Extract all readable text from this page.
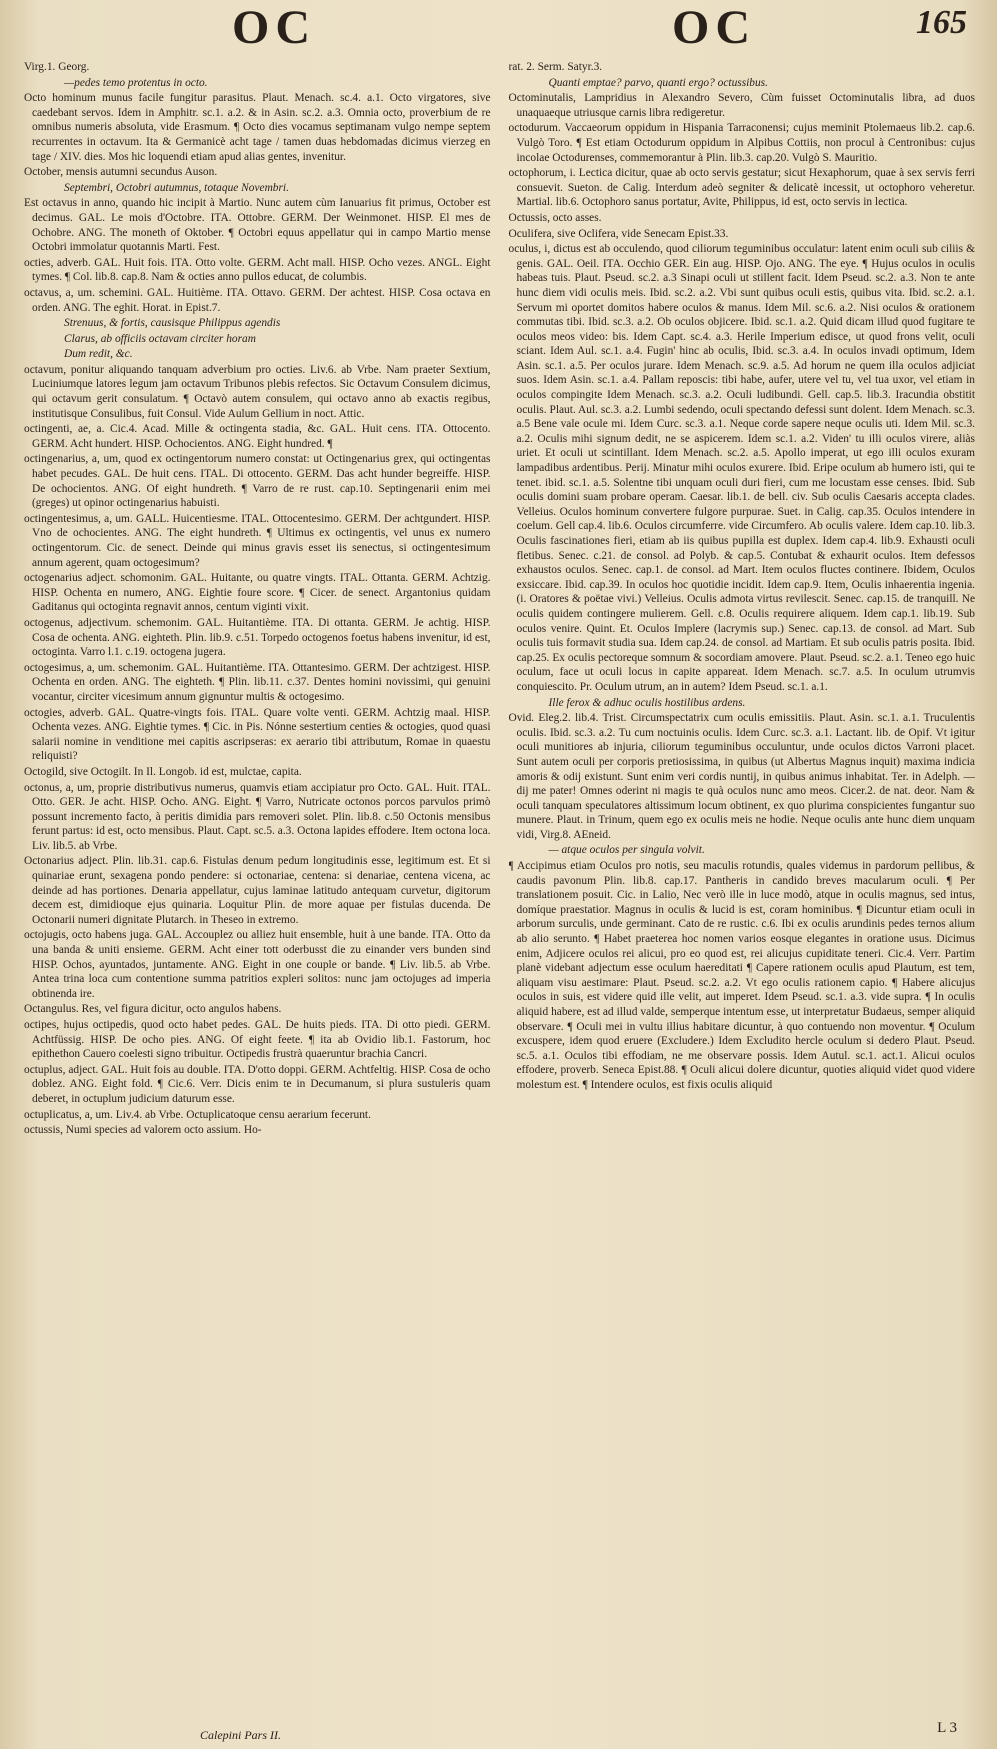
OC	OC	165

Virg.1. Georg.

—pedes temo protentus in octo.

Octo hominum munus facile fungitur parasitus. Plaut. Menach. sc.4. a.1. Octo virgatores, sive caedebant servos. Idem in Amphitr. sc.1. a.2. & in Asin. sc.2. a.3. Omnia octo, proverbium de re omnibus numeris absoluta, vide Erasmum. ¶ Octo dies vocamus septimanam vulgo nempe septem recurrentes in octavum. Ita & Germanicè acht tage / tamen duas hebdomadas dicimus vierzeg en tage / XIV. dies. Mos hic loquendi etiam apud alias gentes, invenitur.

October, mensis autumni secundus Auson.

Septembri, Octobri autumnus, totaque Novembri.

Est octavus in anno, quando hic incipit à Martio. Nunc autem cùm Ianuarius fit primus, October est decimus. GAL. Le mois d'Octobre. ITA. Ottobre. GERM. Der Weinmonet. HISP. El mes de Ochobre. ANG. The moneth of Oktober. ¶ Octobri equus appellatur qui in campo Martio mense Octobri immolatur quotannis Marti. Fest.

octies, adverb. GAL. Huit fois. ITA. Otto volte. GERM. Acht mall. HISP. Ocho vezes. ANGL. Eight tymes. ¶ Col. lib.8. cap.8. Nam & octies anno pullos educat, de columbis.

octavus, a, um. schemini. GAL. Huitième. ITA. Ottavo. GERM. Der achtest. HISP. Cosa octava en orden. ANG. The eghit. Horat. in Epist.7.

Strenuus, & fortis, causisque Philippus agendis

Clarus, ab officiis octavam circiter horam

Dum redit, &c.

octavum, ponitur aliquando tanquam adverbium pro octies. Liv.6. ab Vrbe. Nam praeter Sextium, Luciniumque latores legum jam octavum Tribunos plebis refectos. Sic Octavum Consulem dicimus, qui octavum gerit consulatum. ¶ Octavò autem consulem, qui octavo anno ab exactis regibus, institutisque Consulibus, fuit Consul. Vide Aulum Gellium in noct. Attic.

octingenti, ae, a. Cic.4. Acad. Mille & octingenta stadia, &c. GAL. Huit cens. ITA. Ottocento. GERM. Acht hundert. HISP. Ochocientos. ANG. Eight hundred. ¶

octingenarius, a, um, quod ex octingentorum numero constat: ut Octingenarius grex, qui octingentas habet pecudes. GAL. De huit cens. ITAL. Di ottocento. GERM. Das acht hunder begreiffe. HISP. De ochocientos. ANG. Of eight hundreth. ¶ Varro de re rust. cap.10. Septingenarii enim mei (greges) ut opinor octingenarius habuisti.

octingentesimus, a, um. GALL. Huicentiesme. ITAL. Ottocentesimo. GERM. Der achtgundert. HISP. Vno de ochocientes. ANG. The eight hundreth. ¶ Ultimus ex octingentis, vel unus ex numero octingentorum. Cic. de senect. Deinde qui minus gravis esset iis senectus, si octingentesimum annum agerent, quam octogesimum?

octogenarius adject. schomonim. GAL. Huitante, ou quatre vingts. ITAL. Ottanta. GERM. Achtzig. HISP. Ochenta en numero, ANG. Eightie foure score. ¶ Cicer. de senect. Argantonius quidam Gaditanus qui octoginta regnavit annos, centum viginti vixit.

octogenus, adjectivum. schemonim. GAL. Huitantième. ITA. Di ottanta. GERM. Je achtig. HISP. Cosa de ochenta. ANG. eighteth. Plin. lib.9. c.51. Torpedo octogenos foetus habens invenitur, id est, octoginta. Varro l.1. c.19. octogena jugera.

octogesimus, a, um. schemonim. GAL. Huitantième. ITA. Ottantesimo. GERM. Der achtzigest. HISP. Ochenta en orden. ANG. The eighteth. ¶ Plin. lib.11. c.37. Dentes homini novissimi, qui genuini vocantur, circiter vicesimum annum gignuntur multis & octogesimo.

octogies, adverb. GAL. Quatre-vingts fois. ITAL. Quare volte venti. GERM. Achtzig maal. HISP. Ochenta vezes. ANG. Eightie tymes. ¶ Cic. in Pis. Nónne sestertium centies & octogies, quod quasi salarii nomine in venditione mei capitis ascripseras: ex aerario tibi attributum, Romae in quaestu reliquisti?

Octogild, sive Octogilt. In Il. Longob. id est, mulctae, capita.

octonus, a, um, proprie distributivus numerus, quamvis etiam accipiatur pro Octo. GAL. Huit. ITAL. Otto. GER. Je acht. HISP. Ocho. ANG. Eight. ¶ Varro, Nutricate octonos porcos parvulos primò possunt incremento facto, à peritis dimidia pars removeri solet. Plin. lib.8. c.50 Octonis mensibus ferunt partus: id est, octo mensibus. Plaut. Capt. sc.5. a.3. Octona lapides effodere. Item octona loca. Liv. lib.5. ab Vrbe.

Octonarius adject. Plin. lib.31. cap.6. Fistulas denum pedum longitudinis esse, legitimum est. Et si quinariae erunt, sexagena pondo pendere: si octonariae, centena: si denariae, centena vicena, ac deinde ad has portiones. Denaria appellatur, cujus laminae latitudo antequam curvetur, digitorum decem est, dimidioque ejus quinaria. Loquitur Plin. de more aquae per fistulas ducenda. De Octonarii numeri dignitate Plutarch. in Theseo in extremo.

octojugis, octo habens juga. GAL. Accouplez ou alliez huit ensemble, huit à une bande. ITA. Otto da una banda & uniti ensieme. GERM. Acht einer tott oderbusst die zu einander vers bunden sind HISP. Ochos, ayuntados, juntamente. ANG. Eight in one couple or bande. ¶ Liv. lib.5. ab Vrbe. Antea trina loca cum contentione summa patritios expleri solitos: nunc jam octojuges ad imperia obtinenda ire.

Octangulus. Res, vel figura dicitur, octo angulos habens.

octipes, hujus octipedis, quod octo habet pedes. GAL. De huits pieds. ITA. Di otto piedi. GERM. Achtfüssig. HISP. De ocho pies. ANG. Of eight feete. ¶ ita ab Ovidio lib.1. Fastorum, hoc epithethon Cauero coelesti signo tribuitur. Octipedis frustrà quaeruntur brachia Cancri.

octuplus, adject. GAL. Huit fois au double. ITA. D'otto doppi. GERM. Achtfeltig. HISP. Cosa de ocho doblez. ANG. Eight fold. ¶ Cic.6. Verr. Dicis enim te in Decumanum, si plura sustuleris quam deberet, in octuplum judicium daturum esse.

octuplicatus, a, um. Liv.4. ab Vrbe. Octuplicatoque censu aerarium fecerunt.

octussis, Numi species ad valorem octo assium. Ho-

rat. 2. Serm. Satyr.3.

Quanti emptae? parvo, quanti ergo? octussibus.

Octominutalis, Lampridius in Alexandro Severo, Cùm fuisset Octominutalis libra, ad duos unaquaeque utriusque carnis libra redigeretur.

octodurum. Vaccaeorum oppidum in Hispania Tarraconensi; cujus meminit Ptolemaeus lib.2. cap.6. Vulgò Toro. ¶ Est etiam Octodurum oppidum in Alpibus Cottiis, non procul à Centronibus: cujus incolae Octodurenses, commemorantur à Plin. lib.3. cap.20. Vulgò S. Mauritio.

octophorum, i. Lectica dicitur, quae ab octo servis gestatur; sicut Hexaphorum, quae à sex servis ferri consuevit. Sueton. de Calig. Interdum adeò segniter & delicatè incessit, ut octophoro veheretur. Martial. lib.6. Octophoro sanus portatur, Avite, Philippus, id est, octo servis in lectica.

Octussis, octo asses.

Oculifera, sive Oclifera, vide Senecam Epist.33.

oculus, i, dictus est ab occulendo, quod ciliorum teguminibus occulatur: latent enim oculi sub ciliis & genis. GAL. Oeil. ITA. Occhio GER. Ein aug. HISP. Ojo. ANG. The eye. ¶ Hujus oculos in oculis habeas tuis. Plaut. Pseud. sc.2. a.3 Sinapi oculi ut stillent facit. Idem Pseud. sc.2. a.3. Non te ante hunc diem vidi oculis meis. Ibid. sc.2. a.2. Vbi sunt quibus oculi estis, quibus vita. Ibid. sc.2. a.1. Servum mi oportet domitos habere oculos & manus. Idem Mil. sc.6. a.2. Nisi oculos & orationem commutas tibi. Ibid. sc.3. a.2. Ob oculos objicere. Ibid. sc.1. a.2. Quid dicam illud quod fugitare te oculos meos video: bis. Idem Capt. sc.4. a.3. Herile Imperium edisce, ut quod frons velit, oculi sciant. Idem Aul. sc.1. a.4. Fugin' hinc ab oculis, Ibid. sc.3. a.4. In oculos invadi optimum, Idem Asin. sc.1. a.5. Per oculos jurare. Idem Menach. sc.9. a.5. Ad horum ne quem illa oculos adjiciat suos. Idem Asin. sc.1. a.4. Pallam reposcis: tibi habe, aufer, utere vel tu, vel tua uxor, vel etiam in oculos compingite Idem Menach. sc.3. a.2. Oculi ludibundi. Gell. cap.5. lib.3. Iracundia obstitit oculis. Plaut. Aul. sc.3. a.2. Lumbi sedendo, oculi spectando defessi sunt dolent. Idem Menach. sc.3. a.5 Bene vale ocule mi. Idem Curc. sc.3. a.1. Neque corde sapere neque oculis uti. Idem Mil. sc.3. a.2. Oculis mihi signum dedit, ne se aspicerem. Idem sc.1. a.2. Viden' tu illi oculos virere, aliàs uriet. Et oculi ut scintillant. Idem Menach. sc.2. a.5. Apollo imperat, ut ego illi oculos exuram lampadibus ardentibus. Perij. Minatur mihi oculos exurere. Ibid. Eripe oculum ab humero isti, qui te tenet. ibid. sc.1. a.5. Solentne tibi unquam oculi duri fieri, cum me locustam esse censes. Ibid. Sub oculis domini suam probare operam. Caesar. lib.1. de bell. civ. Sub oculis Caesaris accepta clades. Velleius. Oculos hominum convertere fulgore purpurae. Suet. in Calig. cap.35. Oculos intendere in coelum. Gell cap.4. lib.6. Oculos circumferre. vide Circumfero. Ab oculis valere. Idem cap.10. lib.3. Oculis fascinationes fieri, etiam ab iis quibus pupilla est duplex. Idem cap.4. lib.9. Exhausti oculi fletibus. Senec. c.21. de consol. ad Polyb. & cap.5. Contubat & exhaurit oculos. Item defessos exhaustos oculos. Senec. cap.1. de consol. ad Mart. Item oculos fluctes continere. Ibidem, Oculos exsiccare. Ibid. cap.39. In oculos hoc quotidie incidit. Idem cap.9. Item, Oculis inhaerentia ingenia. (i. Oratores & poëtae vivi.) Velleius. Oculis admota virtus revilescit. Senec. cap.15. de tranquill. Ne oculis quidem contingere mulierem. Gell. c.8. Oculis requirere aliquem. Idem cap.1. lib.19. Sub oculos venire. Quint. Et. Oculos Implere (lacrymis sup.) Senec. cap.13. de consol. ad Mart. Sub oculis tuis formavit studia sua. Idem cap.24. de consol. ad Martiam. Et sub oculis patris posita. Ibid. cap.25. Ex oculis pectoreque somnum & socordiam amovere. Plaut. Pseud. sc.2. a.1. Teneo ego huic oculum, face ut oculi locus in capite appareat. Idem Menach. sc.7. a.5. In oculum utrumvis conquiescito. Pr. Oculum utrum, an in autem? Idem Pseud. sc.1. a.1.

Ille ferox & adhuc oculis hostilibus ardens.

Ovid. Eleg.2. lib.4. Trist. Circumspectatrix cum oculis emissitiis. Plaut. Asin. sc.1. a.1. Truculentis oculis. Ibid. sc.3. a.2. Tu cum noctuinis oculis. Idem Curc. sc.3. a.1. Lactant. lib. de Opif. Vt igitur oculi munitiores ab injuria, ciliorum teguminibus occuluntur, unde oculos dictos Varroni placet. Sunt autem oculi per corporis pretiosissima, in quibus (ut Albertus Magnus inquit) maxima indicia amoris & odij existunt. Sunt enim veri cordis nuntij, in quibus animus inhabitat. Ter. in Adelph. — dij me pater! Omnes oderint ni magis te quà oculos nunc amo meos. Cicer.2. de nat. deor. Nam & oculi tanquam speculatores altissimum locum obtinent, ex quo plurima conspicientes fungantur suo munere. Plaut. in Trinum, quem ego ex oculis meis ne hodie. Neque oculis ante hunc diem unquam vidi, Virg.8. AEneid.

— atque oculos per singula volvit.

¶ Accipimus etiam Oculos pro notis, seu maculis rotundis, quales videmus in pardorum pellibus, & caudis pavonum Plin. lib.8. cap.17. Pantheris in candido breves macularum oculi. ¶ Per translationem posuit. Cic. in Lalio, Nec verò ille in luce modò, atque in oculis magnus, sed intus, domíque praestatior. Magnus in oculis & lucid is est, coram hominibus. ¶ Dicuntur etiam oculi in arborum surculis, unde germinant. Cato de re rustic. c.6. Ibi ex oculis arundinis pedes ternos alium ab alio serunto. ¶ Habet praeterea hoc nomen varios eosque elegantes in oratione usus. Dicimus enim, Adjicere oculos rei alicui, pro eo quod est, rei alicujus cupiditate teneri. Cic.4. Verr. Partim planè videbant adjectum esse oculum haereditati ¶ Capere rationem oculis apud Plautum, est tem, aliquam visu aestimare: Plaut. Pseud. sc.2. a.2. Vt ego oculis rationem capio. ¶ Habere alicujus oculos in suis, est videre quid ille velit, aut imperet. Idem Pseud. sc.1. a.3. vide supra. ¶ In oculis aliquid habere, est ad illud valde, semperque intentum esse, ut interpretatur Budaeus, semper aliquid observare. ¶ Oculi mei in vultu illius habitare dicuntur, à quo contuendo non moventur. ¶ Oculum excuspere, idem quod eruere (Excludere.) Idem Excludito hercle oculum si dedero Plaut. Pseud. sc.5. a.1. Oculos tibi effodiam, ne me observare possis. Idem Autul. sc.1. act.1. Alicui oculos effodere, proverb. Seneca Epist.88. ¶ Oculi alicui dolere dicuntur, quoties aliquid videt quod videre molestum est. ¶ Intendere oculos, est fixis oculis aliquid

Calepini Pars II.	L 3
